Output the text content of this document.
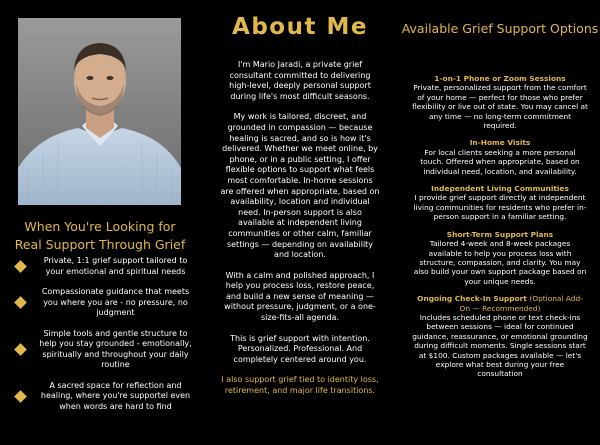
When You're Looking for Real Support Through Grief
Private, 1:1 grief support tailored to your emotional and spiritual needs
Compassionate guidance that meets you where you are - no pressure, no judgment
Simple tools and gentle structure to help you stay grounded - emotionally, spiritually and throughout your daily routine
A sacred space for reflection and healing, where you're supportel even when words are hard to find
About Me

I'm Mario Jaradi, a private grief consultant committed to delivering high-level, deeply personal support during life's most difficult seasons.

My work is tailored, discreet, and grounded in compassion — because healing is sacred, and so is how it's delivered. Whether we meet online, by phone, or in a public setting, I offer flexible options to support what feels most comfortable. In-home sessions are offered when appropriate, based on availability, location and individual need. In-person support is also available at independent living communities or other calm, familiar settings — depending on availability and location.

With a calm and polished approach, I help you process loss, restore peace, and build a new sense of meaning — without pressure, judgment, or a one-size-fits-all agenda.

This is grief support with intention. Personalized. Professional. And completely centered around you.

I also support grief tied to identity loss, retirement, and major life transitions.

Available Grief Support Options
1-on-1 Phone or Zoom Sessions
Private, personalized support from the comfort of your home — perfect for those who prefer flexibility or live out of state. You may cancel at any time — no long-term commitment required.
In-Home Visits
For local clients seeking a more personal touch. Offered when appropriate, based on individual need, location, and availability.
Independent Living Communities
I provide grief support directly at independent living communities for residents who prefer in-person support in a familiar setting.
Short-Term Support Plans
Tailored 4-week and 8-week packages available to help you process loss with structure, compassion, and clarity. You may also build your own support package based on your unique needs.
Ongoing Check-In Support (Optional Add-On — Recommended)
Includes scheduled phone or text check-ins between sessions — ideal for continued guidance, reassurance, or emotional grounding during difficult moments. Single sessions start at $100. Custom packages available — let's explore what best during your free consultation
